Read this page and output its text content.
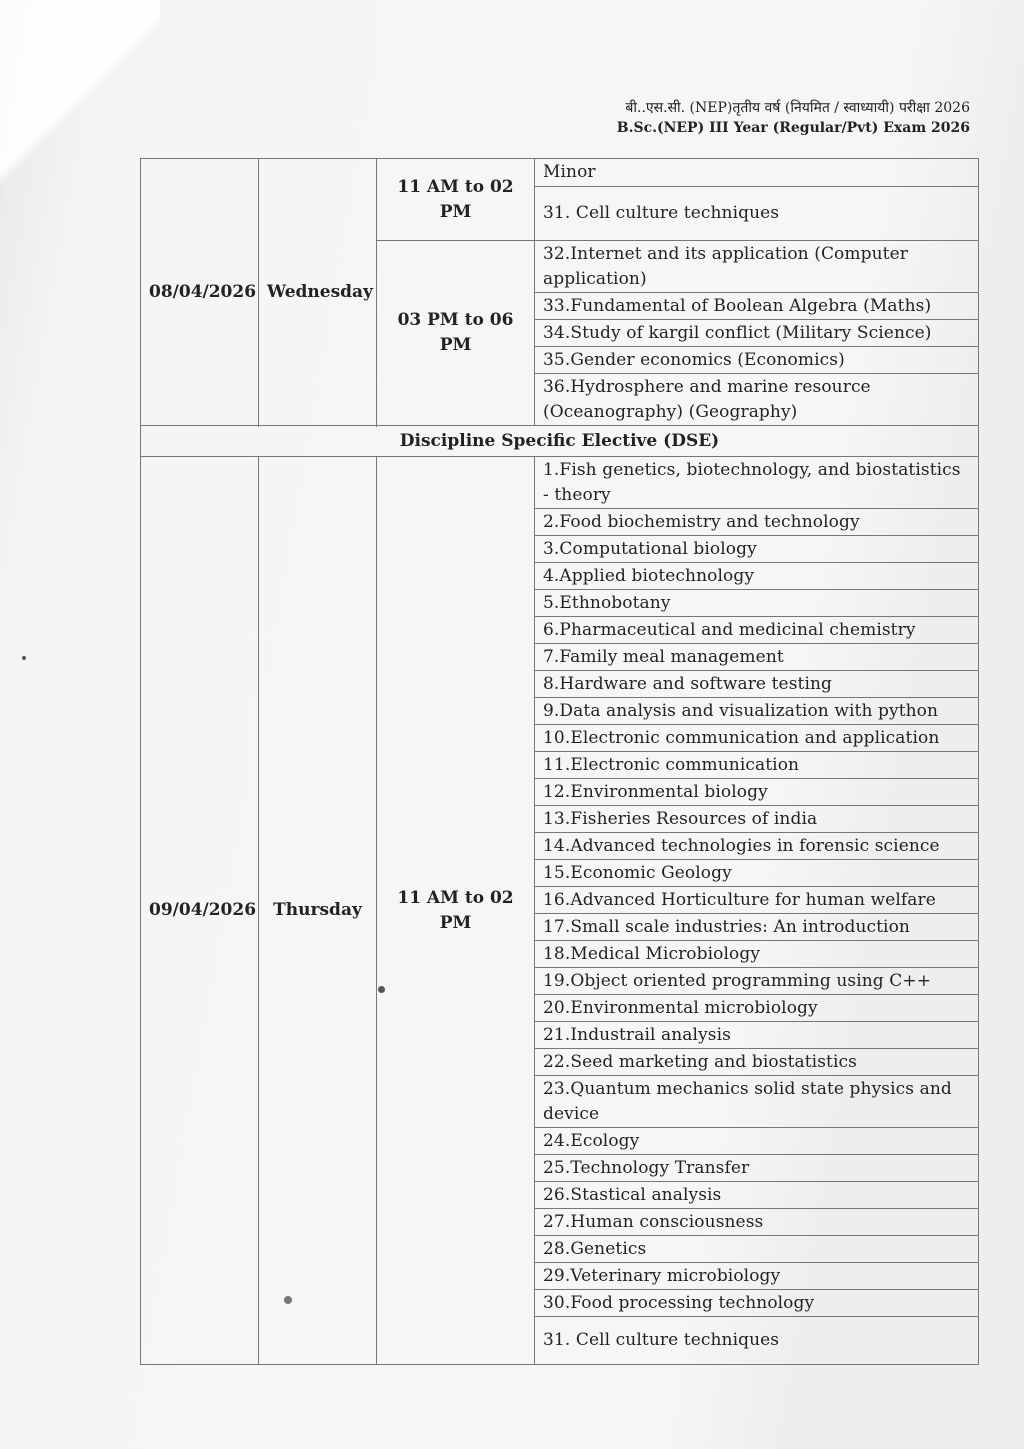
बी..एस.सी. (NEP)तृतीय वर्ष (नियमित / स्वाध्यायी) परीक्षा 2026
B.Sc.(NEP) III Year (Regular/Pvt) Exam 2026
08/04/2026	Wednesday	11 AM to 02 PM	Minor
			31. Cell culture techniques
		03 PM to 06 PM	32.Internet and its application (Computer application)
			33.Fundamental of Boolean Algebra (Maths)
			34.Study of kargil conflict (Military Science)
			35.Gender economics (Economics)
			36.Hydrosphere and marine resource (Oceanography) (Geography)

Discipline Specific Elective (DSE)			
09/04/2026	Thursday	11 AM to 02 PM	1.Fish genetics, biotechnology, and biostatistics - theory
			2.Food biochemistry and technology
			3.Computational biology
			4.Applied biotechnology
			5.Ethnobotany
			6.Pharmaceutical and medicinal chemistry
			7.Family meal management
			8.Hardware and software testing
			9.Data analysis and visualization with python
			10.Electronic communication and application
			11.Electronic communication
			12.Environmental biology
			13.Fisheries Resources of india
			14.Advanced technologies in forensic science
			15.Economic Geology
			16.Advanced Horticulture for human welfare
			17.Small scale industries: An introduction
			18.Medical Microbiology
			19.Object oriented programming using C++
			20.Environmental microbiology
			21.Industrail analysis
			22.Seed marketing and biostatistics
			23.Quantum mechanics solid state physics and device
			24.Ecology
			25.Technology Transfer
			26.Stastical analysis
			27.Human consciousness
			28.Genetics
			29.Veterinary microbiology
			30.Food processing technology
			31. Cell culture techniques
